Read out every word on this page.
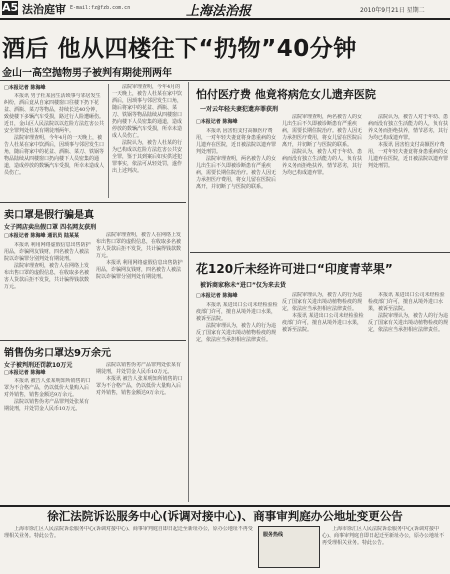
A5 法治庭审 E-mail:fz@fzb.com.cn	上海法治报	2010年9月21日 星期二
酒后 他从四楼往下“扔物”40分钟
金山一高空抛物男子被判有期徒刑两年
□本报记者 陈海峰

本报讯 男子杜某因生活琐事与邻居发生纠纷，酒后竟从自家四楼窗口往楼下扔下花盆、酒瓶、菜刀等物品，持续长达40分钟，致使楼下多辆汽车受损，路过行人险遭砸伤。近日，金山区人民法院以以危险方法危害公共安全罪判处杜某有期徒刑两年。

法院审理查明，今年4月的一天晚上，被告人杜某在家中饮酒后，因琐事与邻居发生口角，随后将家中的花盆、酒瓶、菜刀、铁锅等物品陆续从四楼窗口扔向楼下人员密集的通道，造成停放的数辆汽车受损，所幸未造成人员伤亡。

法院审理查明，今年4月的一天晚上，被告人杜某在家中饮酒后，因琐事与邻居发生口角，随后将家中的花盆、酒瓶、菜刀、铁锅等物品陆续从四楼窗口扔向楼下人员密集的通道，造成停放的数辆汽车受损，所幸未造成人员伤亡。

法院认为，被告人杜某的行为已构成以危险方法危害公共安全罪，鉴于其到案后如实供述犯罪事实，依法可从轻处罚，遂作出上述判决。

卖口罩是假行骗是真
女子网店卖出假口罩 四名网友获刑
□本报记者 陈海峰 通讯员 陆某某

本报讯 利用网络虚假信息出售防护用品，诈骗网友钱财，四名被告人被法院以诈骗罪分别判处有期徒刑。

法院审理查明，被告人在网络上发布出售口罩的虚假信息，在收取多名被害人货款后拒不发货，共计骗得钱款数万元。

法院审理查明，被告人在网络上发布出售口罩的虚假信息，在收取多名被害人货款后拒不发货，共计骗得钱款数万元。

本报讯 利用网络虚假信息出售防护用品，诈骗网友钱财，四名被告人被法院以诈骗罪分别判处有期徒刑。

销售伪劣口罩达9万余元
女子被判刑还罚款10万元
□本报记者 陈海峰

本报讯 被告人张某明知所销售的口罩为不合格产品，仍以低价大量购入后对外销售，销售金额达9万余元。

法院以销售伪劣产品罪判处张某有期徒刑，并处罚金人民币10万元。

法院以销售伪劣产品罪判处张某有期徒刑，并处罚金人民币10万元。

本报讯 被告人张某明知所销售的口罩为不合格产品，仍以低价大量购入后对外销售，销售金额达9万余元。

怕付医疗费 他竟将病危女儿遗弃医院
一对云年轻夫妻犯遗弃罪获刑
□本报记者 陈海峰

本报讯 因害怕支付高额医疗费用，一对年轻夫妻竟将身患重病的女儿遗弃在医院，近日被法院以遗弃罪判处刑罚。

法院审理查明，两名被告人的女儿出生后不久即被诊断患有严重疾病，需要长期住院治疗。被告人因无力承担医疗费用，将女儿留在医院后离开，并切断了与医院的联系。

法院审理查明，两名被告人的女儿出生后不久即被诊断患有严重疾病，需要长期住院治疗。被告人因无力承担医疗费用，将女儿留在医院后离开，并切断了与医院的联系。

法院认为，被告人对于年幼、患病而没有独立生活能力的人，负有扶养义务而拒绝扶养，情节恶劣，其行为均已构成遗弃罪。

法院认为，被告人对于年幼、患病而没有独立生活能力的人，负有扶养义务而拒绝扶养，情节恶劣，其行为均已构成遗弃罪。

本报讯 因害怕支付高额医疗费用，一对年轻夫妻竟将身患重病的女儿遗弃在医院，近日被法院以遗弃罪判处刑罚。

花120斤未经许可进口“印度青苹果”
被诉商家称未“进口”仅为来去货
□本报记者 陈海峰

本报讯 某进出口公司未经检验检疫部门许可，擅自从境外进口水果，被诉至法院。

法院审理认为，被告人的行为违反了国家有关进出境动植物检疫的规定，依法应当承担相应法律责任。

法院审理认为，被告人的行为违反了国家有关进出境动植物检疫的规定，依法应当承担相应法律责任。

本报讯 某进出口公司未经检验检疫部门许可，擅自从境外进口水果，被诉至法院。

本报讯 某进出口公司未经检验检疫部门许可，擅自从境外进口水果，被诉至法院。

法院审理认为，被告人的行为违反了国家有关进出境动植物检疫的规定，依法应当承担相应法律责任。

徐汇法院诉讼服务中心(诉调对接中心)、商事审判庭办公地址变更公告

上海市徐汇区人民法院诉讼服务中心(诉调对接中心)、商事审判庭自即日起迁至新址办公，原办公地址不再受理相关业务。特此公告。	服务热线

上海市徐汇区人民法院诉讼服务中心(诉调对接中心)、商事审判庭自即日起迁至新址办公，原办公地址不再受理相关业务。特此公告。
